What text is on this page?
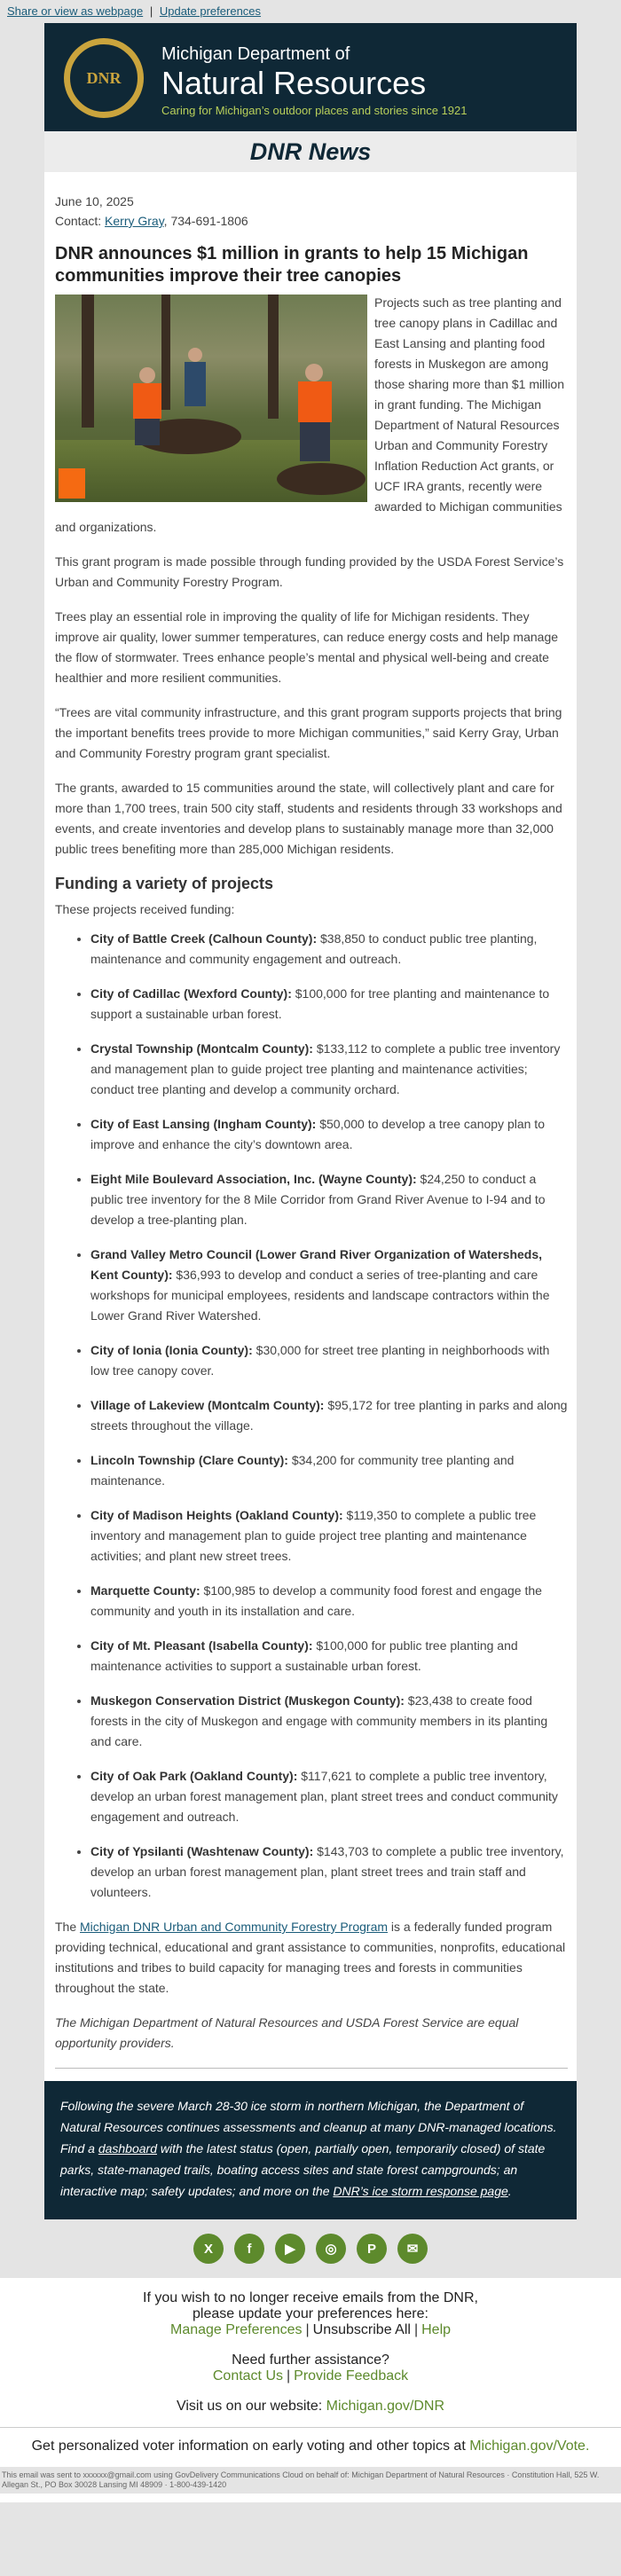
Share or view as webpage | Update preferences
DNR
Michigan Department of
Natural Resources
Caring for Michigan’s outdoor places and stories since 1921
DNR News
June 10, 2025
Contact: Kerry Gray, 734-691-1806
DNR announces $1 million in grants to help 15 Michigan communities improve their tree canopies

Projects such as tree planting and tree canopy plans in Cadillac and East Lansing and planting food forests in Muskegon are among those sharing more than $1 million in grant funding. The Michigan Department of Natural Resources Urban and Community Forestry Inflation Reduction Act grants, or UCF IRA grants, recently were awarded to Michigan communities and organizations.

This grant program is made possible through funding provided by the USDA Forest Service’s Urban and Community Forestry Program.

Trees play an essential role in improving the quality of life for Michigan residents. They improve air quality, lower summer temperatures, can reduce energy costs and help manage the flow of stormwater. Trees enhance people’s mental and physical well-being and create healthier and more resilient communities.

“Trees are vital community infrastructure, and this grant program supports projects that bring the important benefits trees provide to more Michigan communities,” said Kerry Gray, Urban and Community Forestry program grant specialist.

The grants, awarded to 15 communities around the state, will collectively plant and care for more than 1,700 trees, train 500 city staff, students and residents through 33 workshops and events, and create inventories and develop plans to sustainably manage more than 32,000 public trees benefiting more than 285,000 Michigan residents.

Funding a variety of projects
These projects received funding:
• City of Battle Creek (Calhoun County): $38,850 to conduct public tree planting, maintenance and community engagement and outreach.
• City of Cadillac (Wexford County): $100,000 for tree planting and maintenance to support a sustainable urban forest.
• Crystal Township (Montcalm County): $133,112 to complete a public tree inventory and management plan to guide project tree planting and maintenance activities; conduct tree planting and develop a community orchard.
• City of East Lansing (Ingham County): $50,000 to develop a tree canopy plan to improve and enhance the city’s downtown area.
• Eight Mile Boulevard Association, Inc. (Wayne County): $24,250 to conduct a public tree inventory for the 8 Mile Corridor from Grand River Avenue to I-94 and to develop a tree-planting plan.
• Grand Valley Metro Council (Lower Grand River Organization of Watersheds, Kent County): $36,993 to develop and conduct a series of tree-planting and care workshops for municipal employees, residents and landscape contractors within the Lower Grand River Watershed.
• City of Ionia (Ionia County): $30,000 for street tree planting in neighborhoods with low tree canopy cover.
• Village of Lakeview (Montcalm County): $95,172 for tree planting in parks and along streets throughout the village.
• Lincoln Township (Clare County): $34,200 for community tree planting and maintenance.
• City of Madison Heights (Oakland County): $119,350 to complete a public tree inventory and management plan to guide project tree planting and maintenance activities; and plant new street trees.
• Marquette County: $100,985 to develop a community food forest and engage the community and youth in its installation and care.
• City of Mt. Pleasant (Isabella County): $100,000 for public tree planting and maintenance activities to support a sustainable urban forest.
• Muskegon Conservation District (Muskegon County): $23,438 to create food forests in the city of Muskegon and engage with community members in its planting and care.
• City of Oak Park (Oakland County): $117,621 to complete a public tree inventory, develop an urban forest management plan, plant street trees and conduct community engagement and outreach.
• City of Ypsilanti (Washtenaw County): $143,703 to complete a public tree inventory, develop an urban forest management plan, plant street trees and train staff and volunteers.

The Michigan DNR Urban and Community Forestry Program is a federally funded program providing technical, educational and grant assistance to communities, nonprofits, educational institutions and tribes to build capacity for managing trees and forests in communities throughout the state.

The Michigan Department of Natural Resources and USDA Forest Service are equal opportunity providers.

Following the severe March 28-30 ice storm in northern Michigan, the Department of Natural Resources continues assessments and cleanup at many DNR-managed locations. Find a dashboard with the latest status (open, partially open, temporarily closed) of state parks, state-managed trails, boating access sites and state forest campgrounds; an interactive map; safety updates; and more on the DNR’s ice storm response page.
X	f	▶	◎	P	✉
If you wish to no longer receive emails from the DNR,
please update your preferences here:
Manage Preferences | Unsubscribe All | Help
Need further assistance?
Contact Us | Provide Feedback
Visit us on our website: Michigan.gov/DNR
Get personalized voter information on early voting and other topics at Michigan.gov/Vote.
This email was sent to xxxxxx@gmail.com using GovDelivery Communications Cloud on behalf of: Michigan Department of Natural Resources · Constitution Hall, 525 W. Allegan St., PO Box 30028 Lansing MI 48909 · 1-800-439-1420
